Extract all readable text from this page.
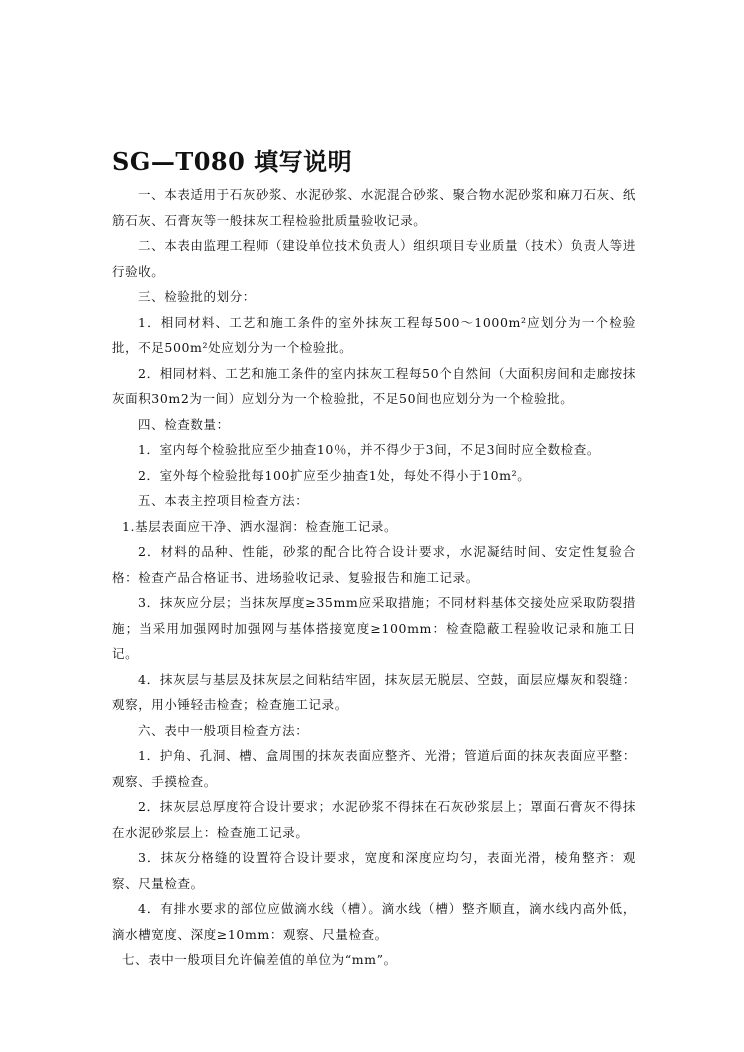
SG—T080 填写说明

一、本表适用于石灰砂浆、水泥砂浆、水泥混合砂浆、聚合物水泥砂浆和麻刀石灰、纸筋石灰、石膏灰等一般抹灰工程检验批质量验收记录。

二、本表由监理工程师（建设单位技术负责人）组织项目专业质量（技术）负责人等进行验收。

三、检验批的划分：

1．相同材料、工艺和施工条件的室外抹灰工程每500～1000m²应划分为一个检验批，不足500m²处应划分为一个检验批。

2．相同材料、工艺和施工条件的室内抹灰工程每50个自然间（大面积房间和走廊按抹灰面积30m2为一间）应划分为一个检验批，不足50间也应划分为一个检验批。

四、检查数量：

1．室内每个检验批应至少抽查10％，并不得少于3间，不足3间时应全数检查。

2．室外每个检验批每100扩应至少抽查1处，每处不得小于10m²。

五、本表主控项目检查方法：

1.基层表面应干净、洒水湿润：检查施工记录。

2．材料的品种、性能，砂浆的配合比符合设计要求，水泥凝结时间、安定性复验合格：检查产品合格证书、进场验收记录、复验报告和施工记录。

3．抹灰应分层；当抹灰厚度≥35mm应采取措施；不同材料基体交接处应采取防裂措施；当采用加强网时加强网与基体搭接宽度≥100mm：检查隐蔽工程验收记录和施工日记。

4．抹灰层与基层及抹灰层之间粘结牢固，抹灰层无脱层、空鼓，面层应爆灰和裂缝：观察，用小锤轻击检查；检查施工记录。

六、表中一般项目检查方法：

1．护角、孔洞、槽、盒周围的抹灰表面应整齐、光滑；管道后面的抹灰表面应平整：观察、手摸检查。

2．抹灰层总厚度符合设计要求；水泥砂浆不得抹在石灰砂浆层上；罩面石膏灰不得抹在水泥砂浆层上：检查施工记录。

3．抹灰分格缝的设置符合设计要求，宽度和深度应均匀，表面光滑，棱角整齐：观察、尺量检查。

4．有排水要求的部位应做滴水线（槽）。滴水线（槽）整齐顺直，滴水线内高外低，滴水槽宽度、深度≥10mm：观察、尺量检查。

七、表中一般项目允许偏差值的单位为“mm”。
